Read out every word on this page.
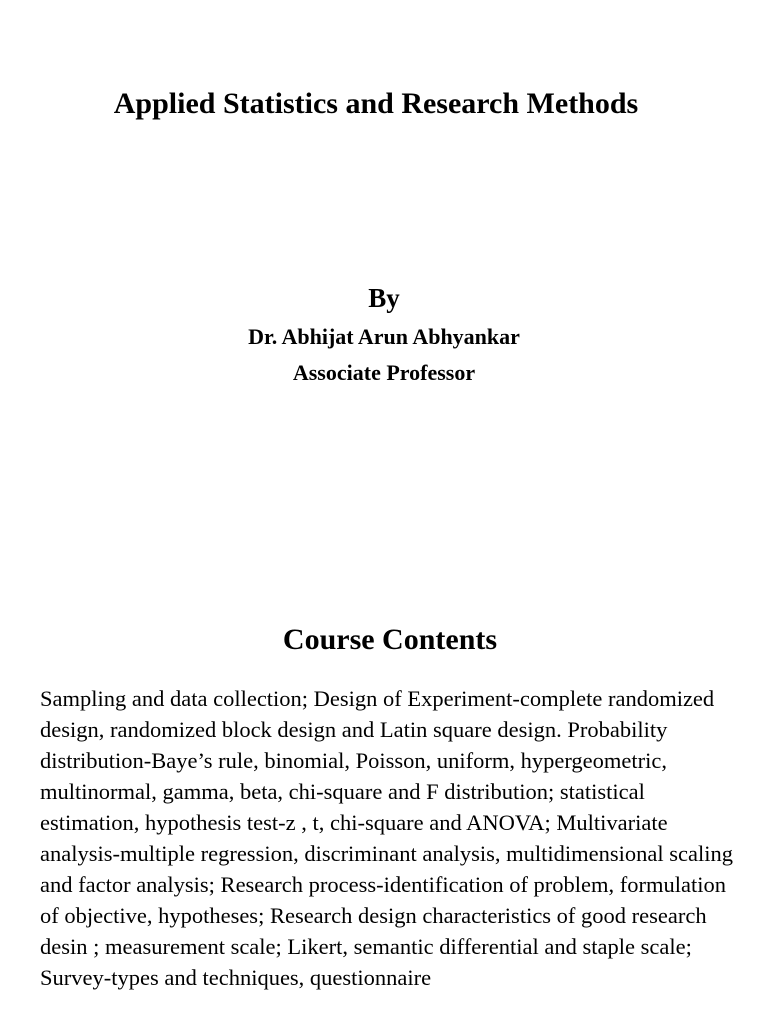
Applied Statistics and Research Methods
By
Dr. Abhijat Arun Abhyankar
Associate Professor
Course Contents

Sampling and data collection; Design of Experiment-complete randomized design, randomized block design and Latin square design. Probability distribution-Baye’s rule, binomial, Poisson, uniform, hypergeometric, multinormal, gamma, beta, chi-square and F distribution; statistical estimation, hypothesis test-z , t, chi-square and ANOVA; Multivariate analysis-multiple regression, discriminant analysis, multidimensional scaling and factor analysis; Research process-identification of problem, formulation of objective, hypotheses; Research design characteristics of good research desin ; measurement scale; Likert, semantic differential and staple scale; Survey-types and techniques, questionnaire
